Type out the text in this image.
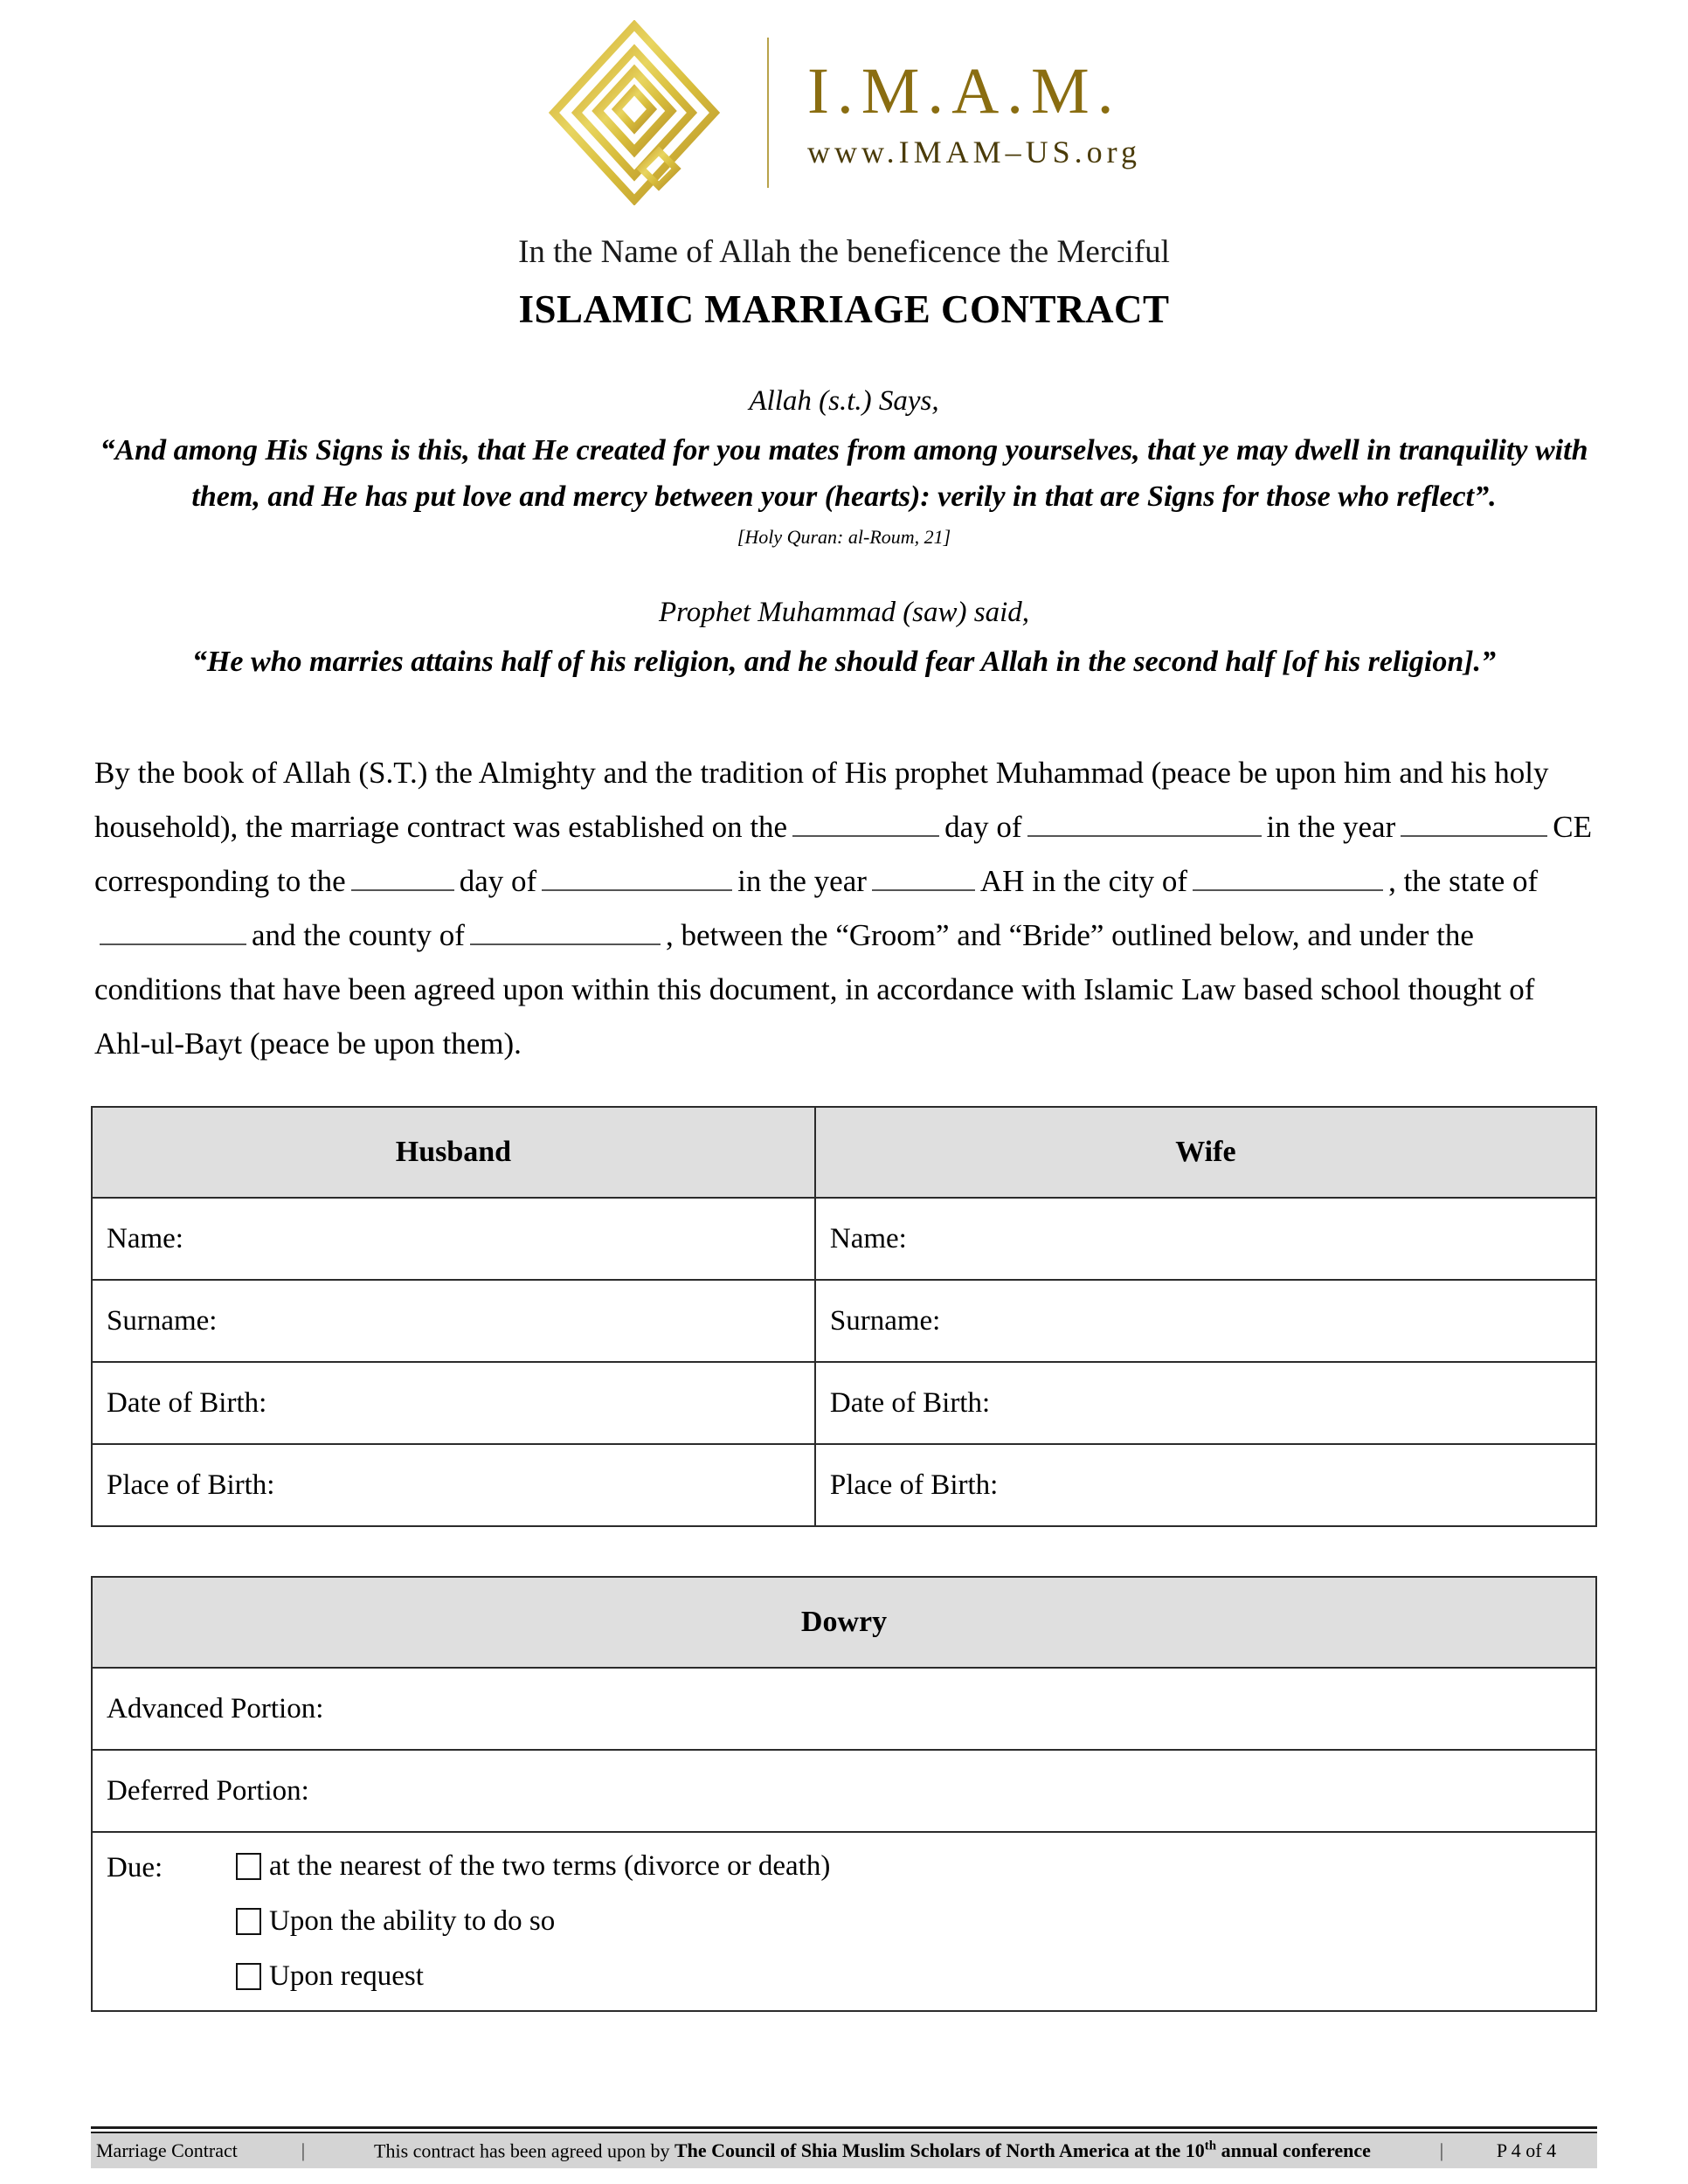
I.M.A.M.
www.IMAM–US.org
In the Name of Allah the beneficence the Merciful
ISLAMIC MARRIAGE CONTRACT
Allah (s.t.) Says,
“And among His Signs is this, that He created for you mates from among yourselves, that ye may dwell in tranquility with them, and He has put love and mercy between your (hearts): verily in that are Signs for those who reflect”.
[Holy Quran: al-Roum, 21]
Prophet Muhammad (saw) said,
“He who marries attains half of his religion, and he should fear Allah in the second half [of his religion].”

By the book of Allah (S.T.) the Almighty and the tradition of His prophet Muhammad (peace be upon him and his holy household), the marriage contract was established on the	day of	in the year	CE corresponding to the	day of	in the year	AH in the city of	, the state ofand the county of	, between the “Groom” and “Bride” outlined below, and under the conditions that have been agreed upon within this document, in accordance with Islamic Law based school thought of Ahl-ul-Bayt (peace be upon them).

Husband	Wife
Name:	Name:
Surname:	Surname:
Date of Birth:	Date of Birth:
Place of Birth:	Place of Birth:
Dowry
Advanced Portion:
Deferred Portion:

Due:	at the nearest of the two terms (divorce or death)
Upon the ability to do so
Upon request
Marriage Contract	|	This contract has been agreed upon by The Council of Shia Muslim Scholars of North America at the 10th annual conference	|	P 4 of 4
